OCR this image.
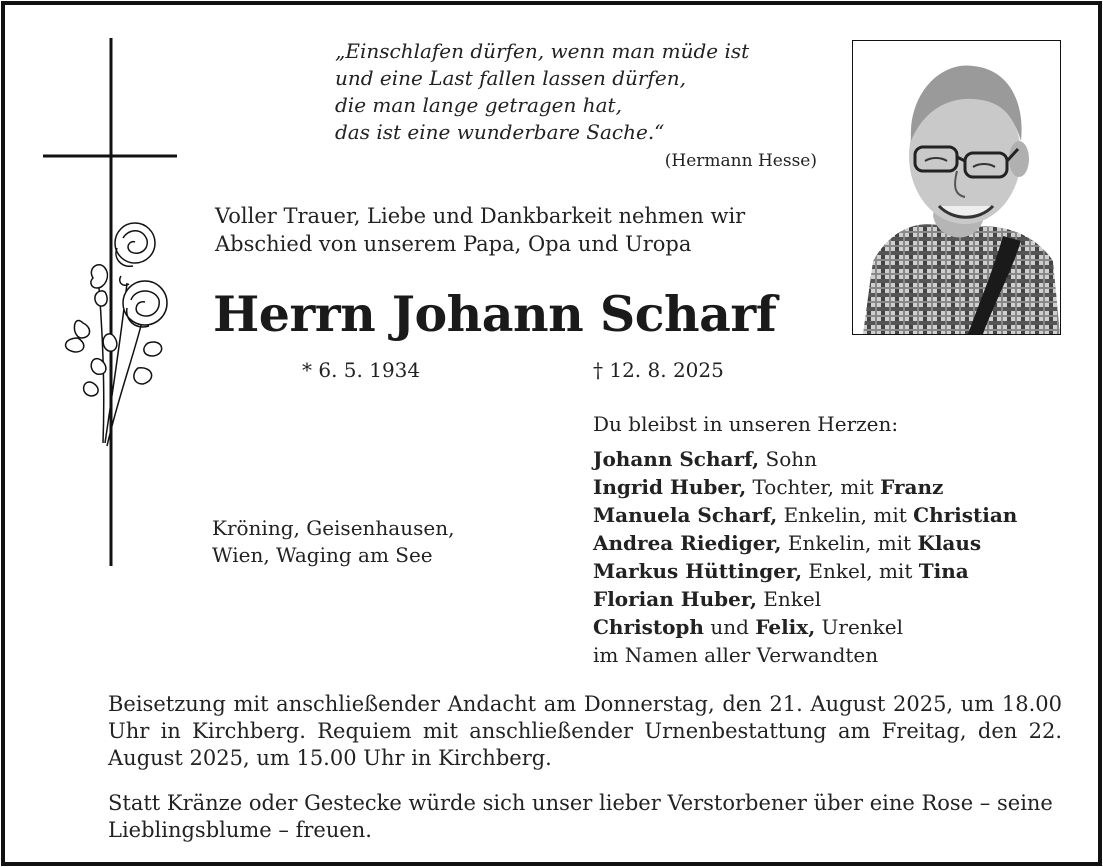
„Einschlafen dürfen, wenn man müde ist
und eine Last fallen lassen dürfen,
die man lange getragen hat,
das ist eine wunderbare Sache.“
(Hermann Hesse)
Voller Trauer, Liebe und Dankbarkeit nehmen wir
Abschied von unserem Papa, Opa und Uropa
Herrn Johann Scharf
* 6. 5. 1934	† 12. 8. 2025
Kröning, Geisenhausen,
Wien, Waging am See
Du bleibst in unseren Herzen:
Johann Scharf, Sohn
Ingrid Huber, Tochter, mit Franz
Manuela Scharf, Enkelin, mit Christian
Andrea Riediger, Enkelin, mit Klaus
Markus Hüttinger, Enkel, mit Tina
Florian Huber, Enkel
Christoph und Felix, Urenkel
im Namen aller Verwandten
Beisetzung mit anschließender Andacht am Donnerstag, den 21. August 2025, um 18.00 Uhr in Kirchberg. Requiem mit anschließender Urnenbestattung am Freitag, den 22. August 2025, um 15.00 Uhr in Kirchberg.
Statt Kränze oder Gestecke würde sich unser lieber Verstorbener über eine Rose – seine Lieblingsblume – freuen.
